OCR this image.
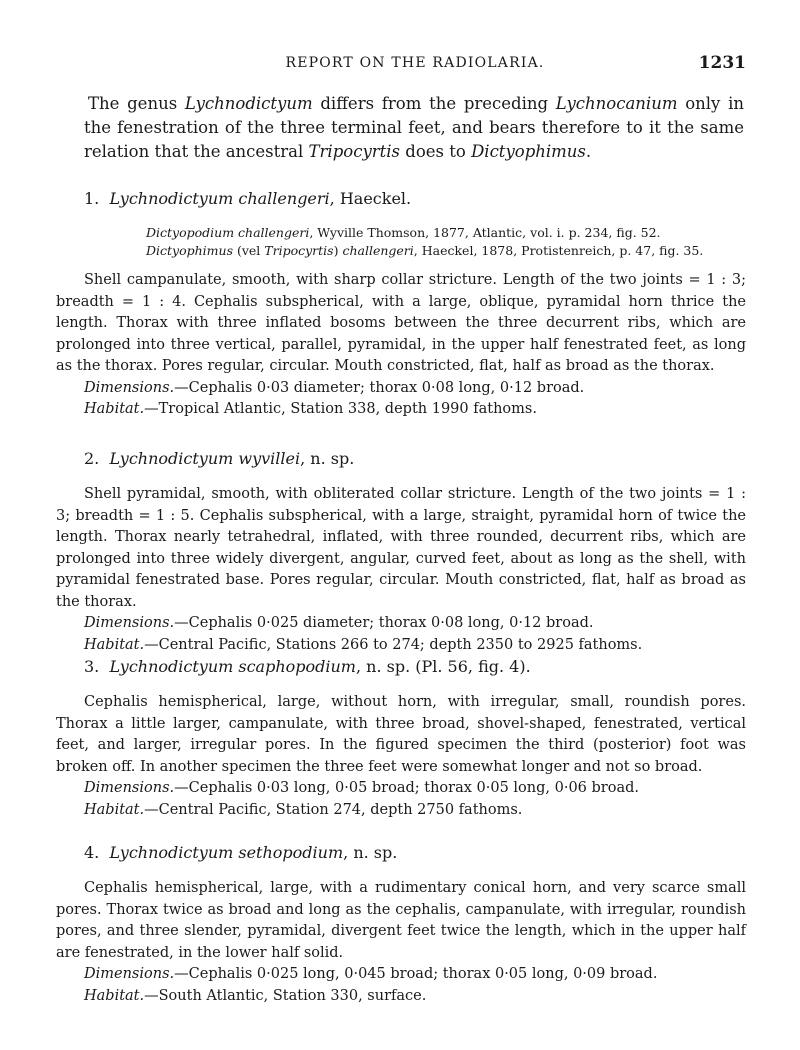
REPORT ON THE RADIOLARIA.	1231

The genus Lychnodictyum differs from the preceding Lychnocanium only in the fenestration of the three terminal feet, and bears therefore to it the same relation that the ancestral Tripocyrtis does to Dictyophimus.

1. Lychnodictyum challengeri, Haeckel.
Dictyopodium challengeri, Wyville Thomson, 1877, Atlantic, vol. i. p. 234, fig. 52.
Dictyophimus (vel Tripocyrtis) challengeri, Haeckel, 1878, Protistenreich, p. 47, fig. 35.

Shell campanulate, smooth, with sharp collar stricture. Length of the two joints = 1 : 3; breadth = 1 : 4. Cephalis subspherical, with a large, oblique, pyramidal horn thrice the length. Thorax with three inflated bosoms between the three decurrent ribs, which are prolonged into three vertical, parallel, pyramidal, in the upper half fenestrated feet, as long as the thorax. Pores regular, circular. Mouth constricted, flat, half as broad as the thorax.

Dimensions.—Cephalis 0·03 diameter; thorax 0·08 long, 0·12 broad.

Habitat.—Tropical Atlantic, Station 338, depth 1990 fathoms.

2. Lychnodictyum wyvillei, n. sp.

Shell pyramidal, smooth, with obliterated collar stricture. Length of the two joints = 1 : 3; breadth = 1 : 5. Cephalis subspherical, with a large, straight, pyramidal horn of twice the length. Thorax nearly tetrahedral, inflated, with three rounded, decurrent ribs, which are prolonged into three widely divergent, angular, curved feet, about as long as the shell, with pyramidal fenestrated base. Pores regular, circular. Mouth constricted, flat, half as broad as the thorax.

Dimensions.—Cephalis 0·025 diameter; thorax 0·08 long, 0·12 broad.

Habitat.—Central Pacific, Stations 266 to 274; depth 2350 to 2925 fathoms.

3. Lychnodictyum scaphopodium, n. sp. (Pl. 56, fig. 4).

Cephalis hemispherical, large, without horn, with irregular, small, roundish pores. Thorax a little larger, campanulate, with three broad, shovel-shaped, fenestrated, vertical feet, and larger, irregular pores. In the figured specimen the third (posterior) foot was broken off. In another specimen the three feet were somewhat longer and not so broad.

Dimensions.—Cephalis 0·03 long, 0·05 broad; thorax 0·05 long, 0·06 broad.

Habitat.—Central Pacific, Station 274, depth 2750 fathoms.

4. Lychnodictyum sethopodium, n. sp.

Cephalis hemispherical, large, with a rudimentary conical horn, and very scarce small pores. Thorax twice as broad and long as the cephalis, campanulate, with irregular, roundish pores, and three slender, pyramidal, divergent feet twice the length, which in the upper half are fenestrated, in the lower half solid.

Dimensions.—Cephalis 0·025 long, 0·045 broad; thorax 0·05 long, 0·09 broad.

Habitat.—South Atlantic, Station 330, surface.
